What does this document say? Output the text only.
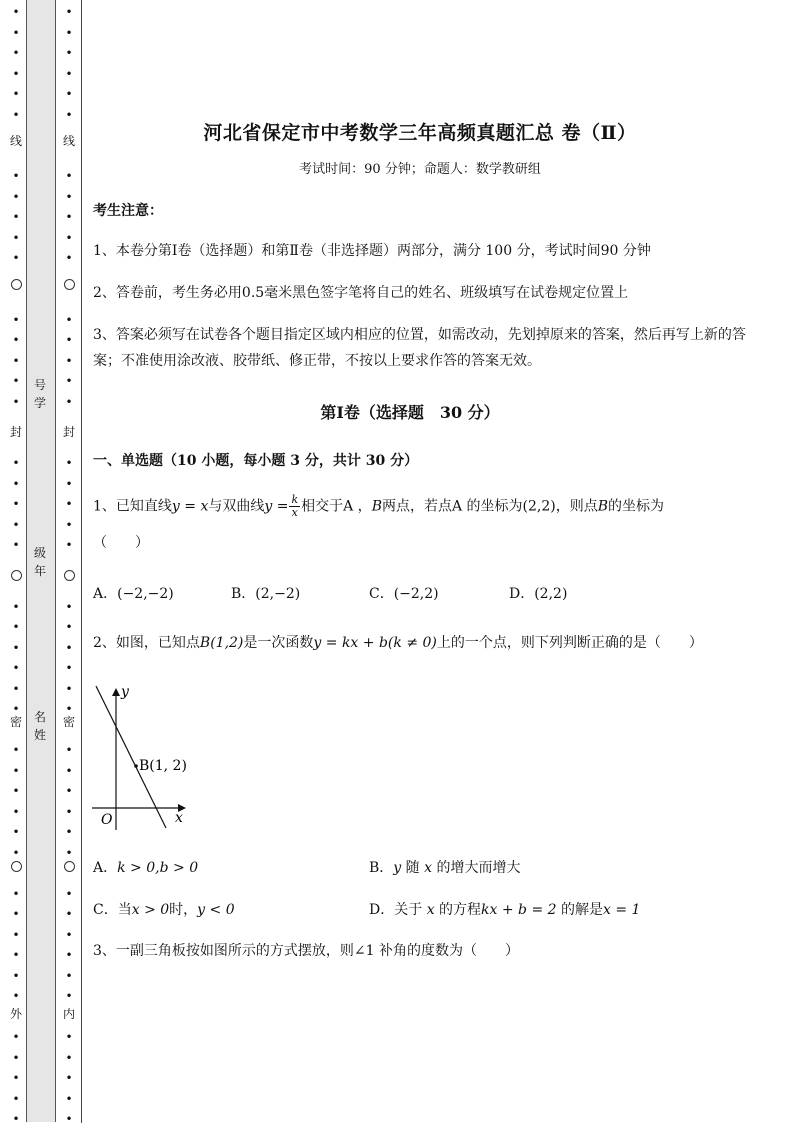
号
学
级
年
名
姓
河北省保定市中考数学三年高频真题汇总 卷（Ⅱ）
考试时间：90 分钟；命题人：数学教研组
考生注意：
1、本卷分第Ⅰ卷（选择题）和第Ⅱ卷（非选择题）两部分，满分 100 分，考试时间90 分钟
2、答卷前，考生务必用0.5毫米黑色签字笔将自己的姓名、班级填写在试卷规定位置上
3、答案必须写在试卷各个题目指定区域内相应的位置，如需改动，先划掉原来的答案，然后再写上新的答案；不准使用涂改液、胶带纸、修正带，不按以上要求作答的答案无效。
第Ⅰ卷（选择题　30 分）
一、单选题（10 小题，每小题 3 分，共计 30 分）
1、已知直线y = x与双曲线$y = \frac{k}{x}$ 相交于A ，B两点，若点A 的坐标为(2,2)，则点B的坐标为
（　　）
A．(−2,−2)	B．(2,−2)	C．(−2,2)	D．(2,2)
2、如图，已知点B(1,2)是一次函数y = kx + b(k ≠ 0)上的一个点，则下列判断正确的是（　　）
y
x
O
B(1, 2)
A．k > 0,b > 0	B．y 随 x 的增大而增大
C．当x > 0时，y < 0	D．关于 x 的方程kx + b = 2 的解是x = 1
3、一副三角板按如图所示的方式摆放，则∠1 补角的度数为（　　）
•
•
•
•
•
•
•
•
•
•
•
•
•
•
•
•
•
•
•
•
•
•
•
•
•
•
•
•
•
•
•
•
•
•
•
•
•
•
•
•
•
•
•
•
线
封
密
外
•
•
•
•
•
•
•
•
•
•
•
•
•
•
•
•
•
•
•
•
•
•
•
•
•
•
•
•
•
•
•
•
•
•
•
•
•
•
•
•
•
•
•
•
线
封
密
内
